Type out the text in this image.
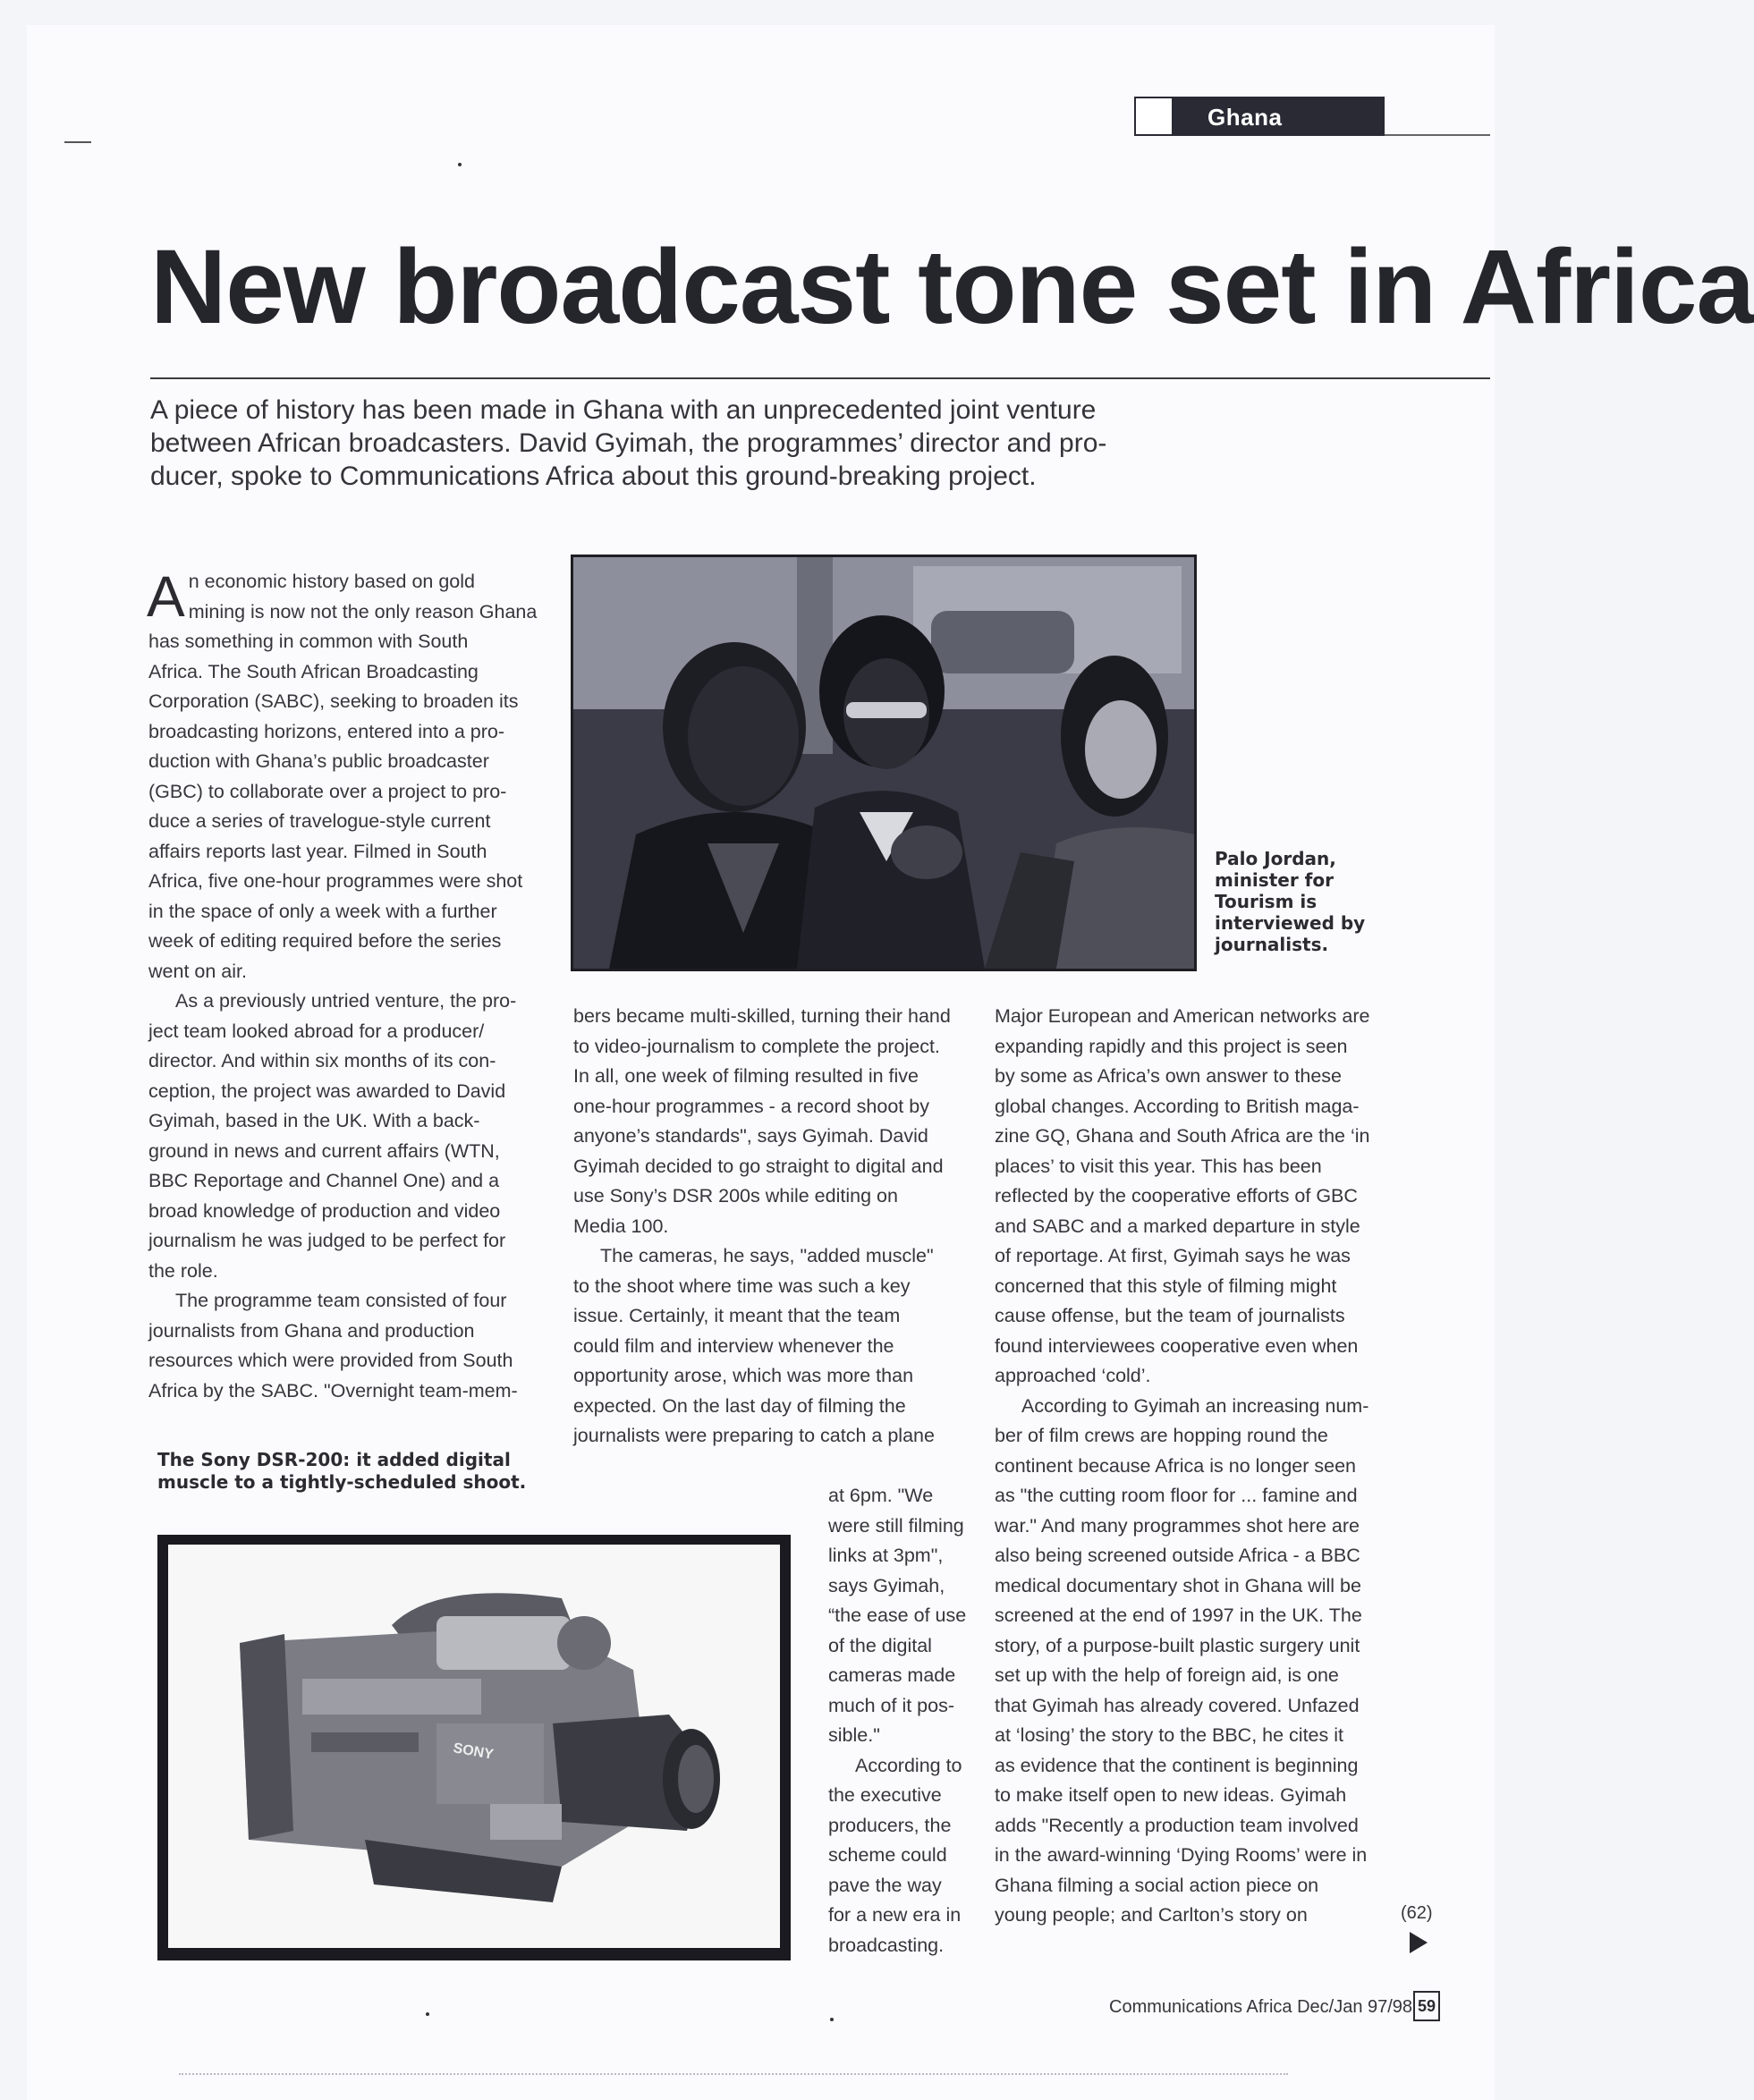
Ghana
New broadcast tone set in Africa

A piece of history has been made in Ghana with an unprecedented joint venture

between African broadcasters. David Gyimah, the programmes’ director and pro-

ducer, spoke to Communications Africa about this ground-breaking project.

A n economic history based on gold

mining is now not the only reason Ghana

has something in common with South

Africa. The South African Broadcasting

Corporation (SABC), seeking to broaden its

broadcasting horizons, entered into a pro-

duction with Ghana’s public broadcaster

(GBC) to collaborate over a project to pro-

duce a series of travelogue-style current

affairs reports last year. Filmed in South

Africa, five one-hour programmes were shot

in the space of only a week with a further

week of editing required before the series

went on air.

As a previously untried venture, the pro-

ject team looked abroad for a producer/

director. And within six months of its con-

ception, the project was awarded to David

Gyimah, based in the UK. With a back-

ground in news and current affairs (WTN,

BBC Reportage and Channel One) and a

broad knowledge of production and video

journalism he was judged to be perfect for

the role.

The programme team consisted of four

journalists from Ghana and production

resources which were provided from South

Africa by the SABC. "Overnight team-mem-

Palo Jordan,

minister for

Tourism is

interviewed by

journalists.

bers became multi-skilled, turning their hand

to video-journalism to complete the project.

In all, one week of filming resulted in five

one-hour programmes - a record shoot by

anyone’s standards", says Gyimah. David

Gyimah decided to go straight to digital and

use Sony’s DSR 200s while editing on

Media 100.

The cameras, he says, "added muscle"

to the shoot where time was such a key

issue. Certainly, it meant that the team

could film and interview whenever the

opportunity arose, which was more than

expected. On the last day of filming the

journalists were preparing to catch a plane

at 6pm. "We

were still filming

links at 3pm",

says Gyimah,

“the ease of use

of the digital

cameras made

much of it pos-

sible."

According to

the executive

producers, the

scheme could

pave the way

for a new era in

broadcasting.

Major European and American networks are

expanding rapidly and this project is seen

by some as Africa’s own answer to these

global changes. According to British maga-

zine GQ, Ghana and South Africa are the ‘in

places’ to visit this year. This has been

reflected by the cooperative efforts of GBC

and SABC and a marked departure in style

of reportage. At first, Gyimah says he was

concerned that this style of filming might

cause offense, but the team of journalists

found interviewees cooperative even when

approached ‘cold’.

According to Gyimah an increasing num-

ber of film crews are hopping round the

continent because Africa is no longer seen

as "the cutting room floor for ... famine and

war." And many programmes shot here are

also being screened outside Africa - a BBC

medical documentary shot in Ghana will be

screened at the end of 1997 in the UK. The

story, of a purpose-built plastic surgery unit

set up with the help of foreign aid, is one

that Gyimah has already covered. Unfazed

at ‘losing’ the story to the BBC, he cites it

as evidence that the continent is beginning

to make itself open to new ideas. Gyimah

adds "Recently a production team involved

in the award-winning ‘Dying Rooms’ were in

Ghana filming a social action piece on

young people; and Carlton’s story on

The Sony DSR-200: it added digital

muscle to a tightly-scheduled shoot.

SONY
(62)
Communications Africa Dec/Jan 97/98 59
